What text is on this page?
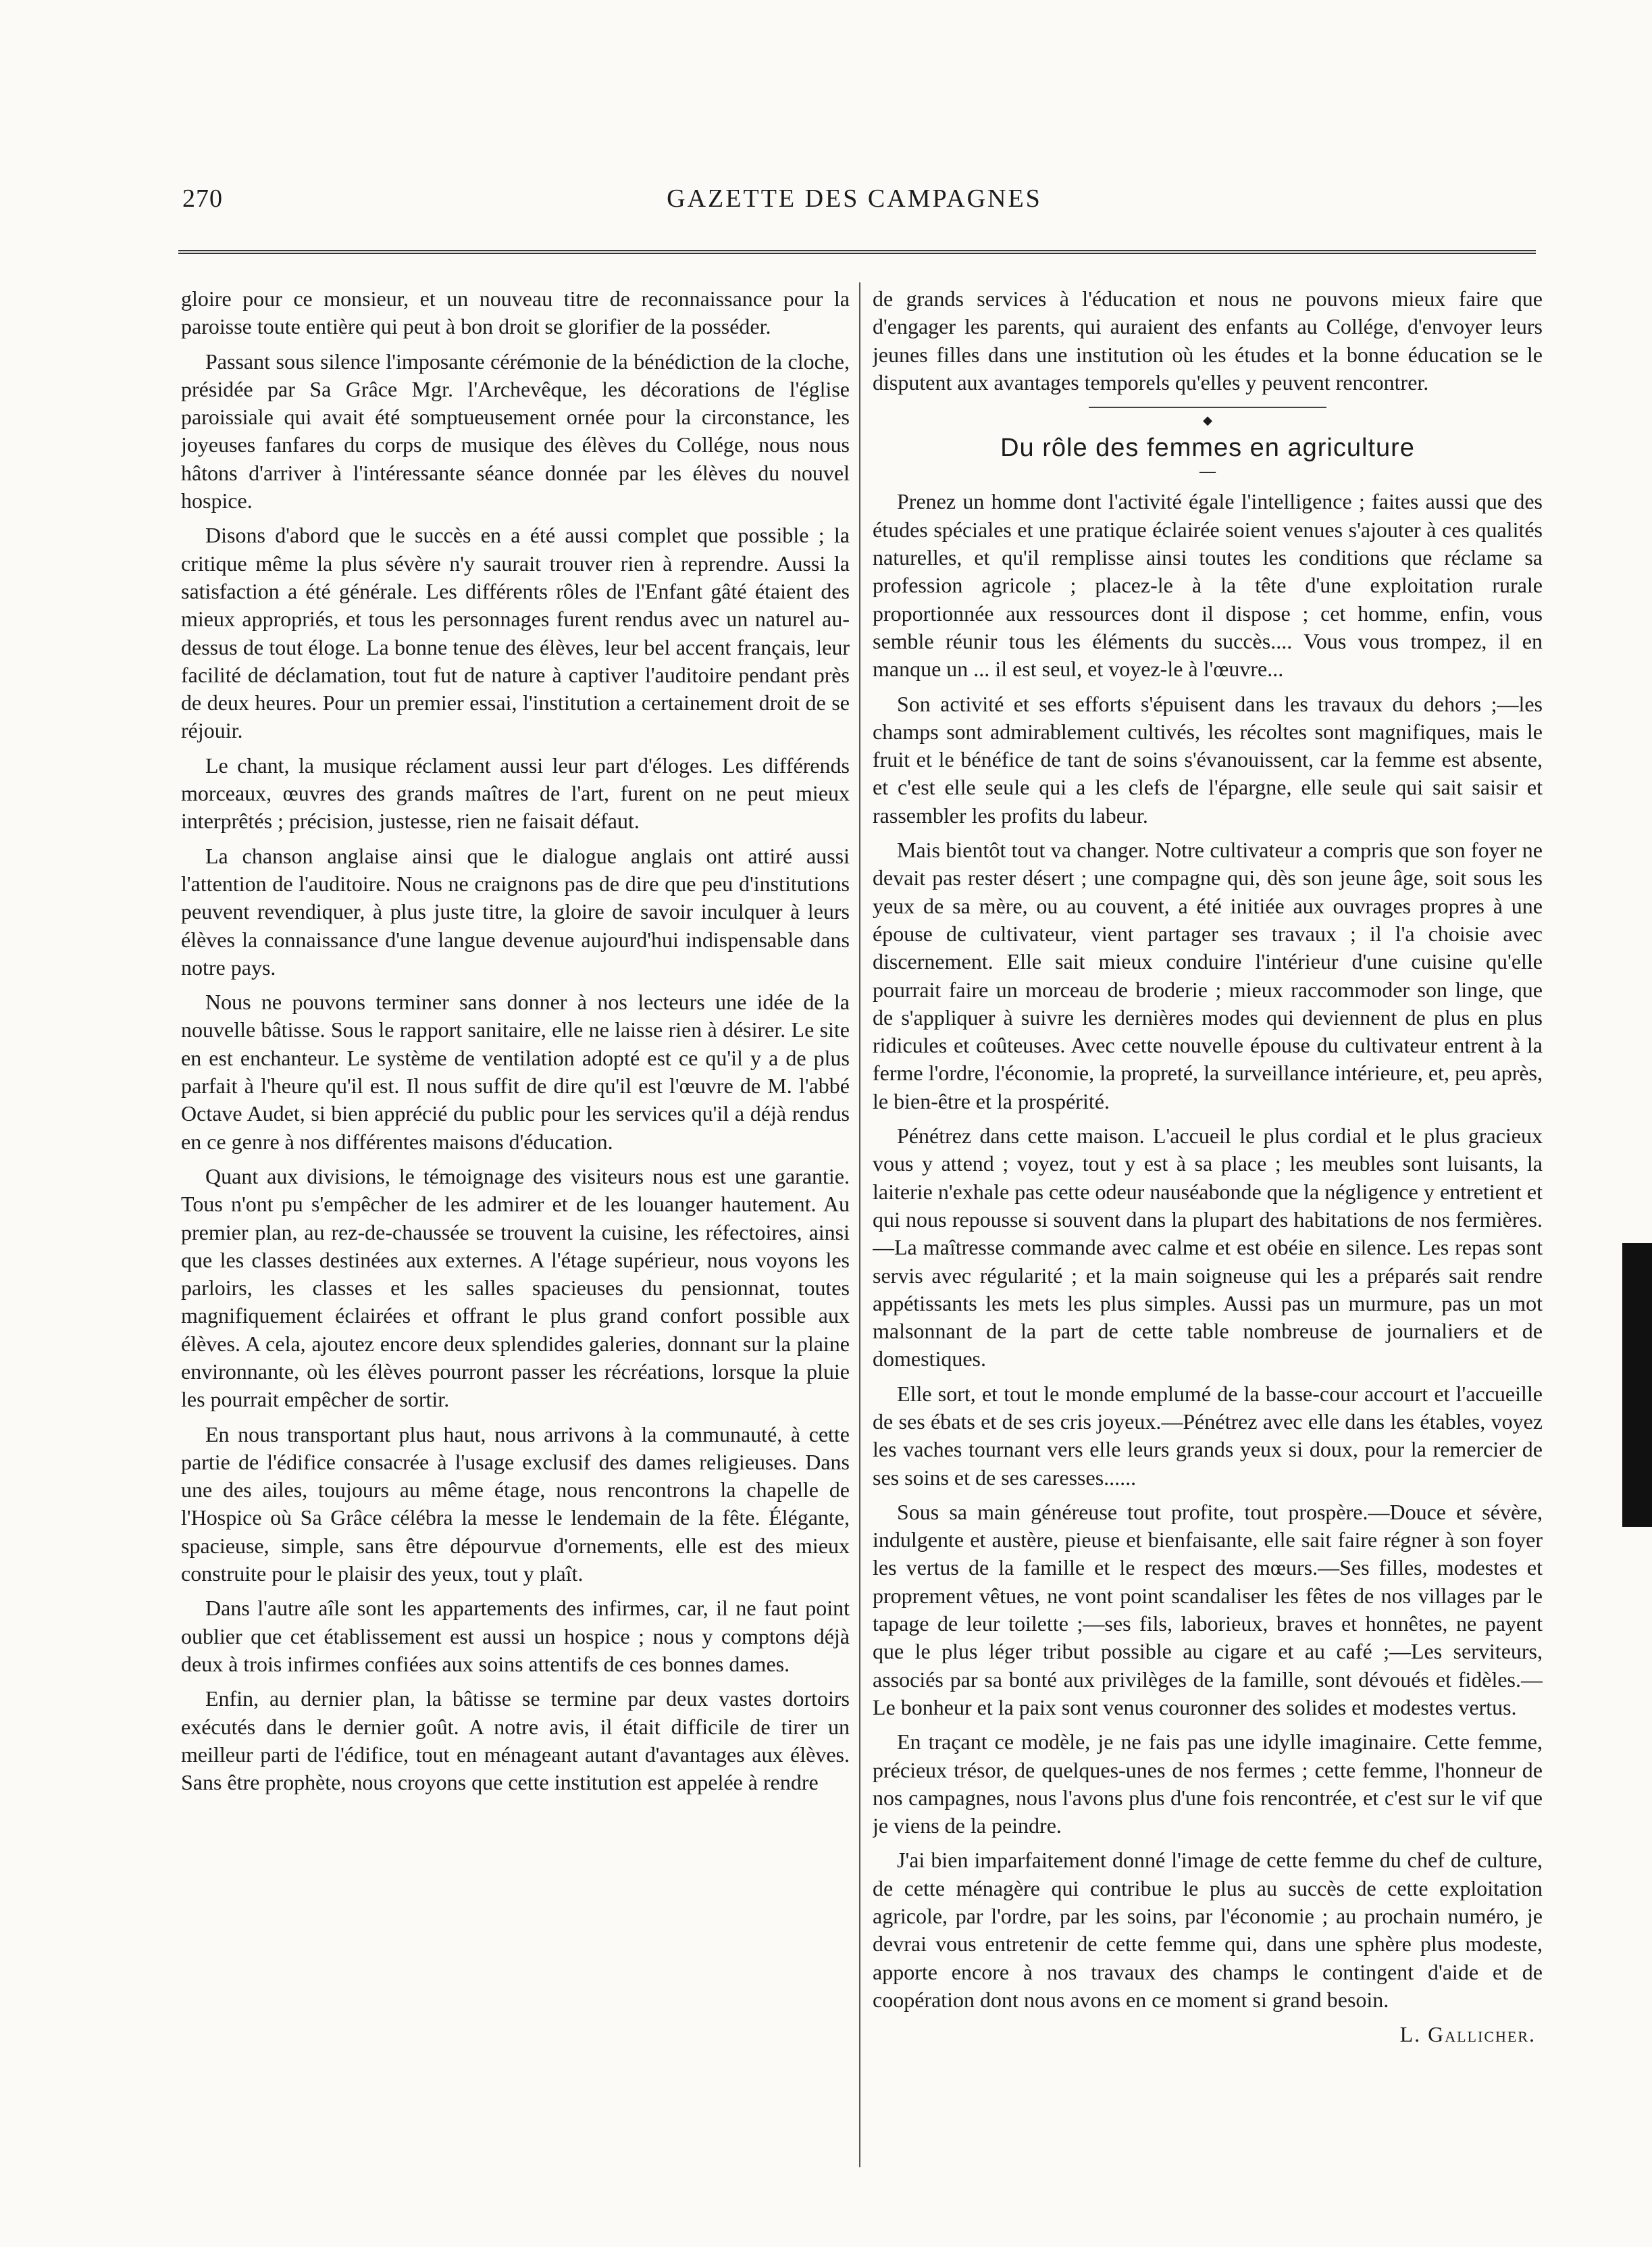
270	GAZETTE DES CAMPAGNES

gloire pour ce monsieur, et un nouveau titre de reconnaissance pour la paroisse toute entière qui peut à bon droit se glorifier de la posséder.

Passant sous silence l'imposante cérémonie de la bénédiction de la cloche, présidée par Sa Grâce Mgr. l'Archevêque, les décorations de l'église paroissiale qui avait été somptueusement ornée pour la circonstance, les joyeuses fanfares du corps de musique des élèves du Collége, nous nous hâtons d'arriver à l'intéressante séance donnée par les élèves du nouvel hospice.

Disons d'abord que le succès en a été aussi complet que possible ; la critique même la plus sévère n'y saurait trouver rien à reprendre. Aussi la satisfaction a été générale. Les différents rôles de l'Enfant gâté étaient des mieux appropriés, et tous les personnages furent rendus avec un naturel au-dessus de tout éloge. La bonne tenue des élèves, leur bel accent français, leur facilité de déclamation, tout fut de nature à captiver l'auditoire pendant près de deux heures. Pour un premier essai, l'institution a certainement droit de se réjouir.

Le chant, la musique réclament aussi leur part d'éloges. Les différends morceaux, œuvres des grands maîtres de l'art, furent on ne peut mieux interprêtés ; précision, justesse, rien ne faisait défaut.

La chanson anglaise ainsi que le dialogue anglais ont attiré aussi l'attention de l'auditoire. Nous ne craignons pas de dire que peu d'institutions peuvent revendiquer, à plus juste titre, la gloire de savoir inculquer à leurs élèves la connaissance d'une langue devenue aujourd'hui indispensable dans notre pays.

Nous ne pouvons terminer sans donner à nos lecteurs une idée de la nouvelle bâtisse. Sous le rapport sanitaire, elle ne laisse rien à désirer. Le site en est enchanteur. Le système de ventilation adopté est ce qu'il y a de plus parfait à l'heure qu'il est. Il nous suffit de dire qu'il est l'œuvre de M. l'abbé Octave Audet, si bien apprécié du public pour les services qu'il a déjà rendus en ce genre à nos différentes maisons d'éducation.

Quant aux divisions, le témoignage des visiteurs nous est une garantie. Tous n'ont pu s'empêcher de les admirer et de les louanger hautement. Au premier plan, au rez-de-chaussée se trouvent la cuisine, les réfectoires, ainsi que les classes destinées aux externes. A l'étage supérieur, nous voyons les parloirs, les classes et les salles spacieuses du pensionnat, toutes magnifiquement éclairées et offrant le plus grand confort possible aux élèves. A cela, ajoutez encore deux splendides galeries, donnant sur la plaine environnante, où les élèves pourront passer les récréations, lorsque la pluie les pourrait empêcher de sortir.

En nous transportant plus haut, nous arrivons à la communauté, à cette partie de l'édifice consacrée à l'usage exclusif des dames religieuses. Dans une des ailes, toujours au même étage, nous rencontrons la chapelle de l'Hospice où Sa Grâce célébra la messe le lendemain de la fête. Élégante, spacieuse, simple, sans être dépourvue d'ornements, elle est des mieux construite pour le plaisir des yeux, tout y plaît.

Dans l'autre aîle sont les appartements des infirmes, car, il ne faut point oublier que cet établissement est aussi un hospice ; nous y comptons déjà deux à trois infirmes confiées aux soins attentifs de ces bonnes dames.

Enfin, au dernier plan, la bâtisse se termine par deux vastes dortoirs exécutés dans le dernier goût. A notre avis, il était difficile de tirer un meilleur parti de l'édifice, tout en ménageant autant d'avantages aux élèves. Sans être prophète, nous croyons que cette institution est appelée à rendre

de grands services à l'éducation et nous ne pouvons mieux faire que d'engager les parents, qui auraient des enfants au Collége, d'envoyer leurs jeunes filles dans une institution où les études et la bonne éducation se le disputent aux avantages temporels qu'elles y peuvent rencontrer.

◆
Du rôle des femmes en agriculture
—

Prenez un homme dont l'activité égale l'intelligence ; faites aussi que des études spéciales et une pratique éclairée soient venues s'ajouter à ces qualités naturelles, et qu'il remplisse ainsi toutes les conditions que réclame sa profession agricole ; placez-le à la tête d'une exploitation rurale proportionnée aux ressources dont il dispose ; cet homme, enfin, vous semble réunir tous les éléments du succès.... Vous vous trompez, il en manque un ... il est seul, et voyez-le à l'œuvre...

Son activité et ses efforts s'épuisent dans les travaux du dehors ;—les champs sont admirablement cultivés, les récoltes sont magnifiques, mais le fruit et le bénéfice de tant de soins s'évanouissent, car la femme est absente, et c'est elle seule qui a les clefs de l'épargne, elle seule qui sait saisir et rassembler les profits du labeur.

Mais bientôt tout va changer. Notre cultivateur a compris que son foyer ne devait pas rester désert ; une compagne qui, dès son jeune âge, soit sous les yeux de sa mère, ou au couvent, a été initiée aux ouvrages propres à une épouse de cultivateur, vient partager ses travaux ; il l'a choisie avec discernement. Elle sait mieux conduire l'intérieur d'une cuisine qu'elle pourrait faire un morceau de broderie ; mieux raccommoder son linge, que de s'appliquer à suivre les dernières modes qui deviennent de plus en plus ridicules et coûteuses. Avec cette nouvelle épouse du cultivateur entrent à la ferme l'ordre, l'économie, la propreté, la surveillance intérieure, et, peu après, le bien-être et la prospérité.

Pénétrez dans cette maison. L'accueil le plus cordial et le plus gracieux vous y attend ; voyez, tout y est à sa place ; les meubles sont luisants, la laiterie n'exhale pas cette odeur nauséabonde que la négligence y entretient et qui nous repousse si souvent dans la plupart des habitations de nos fermières.—La maîtresse commande avec calme et est obéie en silence. Les repas sont servis avec régularité ; et la main soigneuse qui les a préparés sait rendre appétissants les mets les plus simples. Aussi pas un murmure, pas un mot malsonnant de la part de cette table nombreuse de journaliers et de domestiques.

Elle sort, et tout le monde emplumé de la basse-cour accourt et l'accueille de ses ébats et de ses cris joyeux.—Pénétrez avec elle dans les étables, voyez les vaches tournant vers elle leurs grands yeux si doux, pour la remercier de ses soins et de ses caresses......

Sous sa main généreuse tout profite, tout prospère.—Douce et sévère, indulgente et austère, pieuse et bienfaisante, elle sait faire régner à son foyer les vertus de la famille et le respect des mœurs.—Ses filles, modestes et proprement vêtues, ne vont point scandaliser les fêtes de nos villages par le tapage de leur toilette ;—ses fils, laborieux, braves et honnêtes, ne payent que le plus léger tribut possible au cigare et au café ;—Les serviteurs, associés par sa bonté aux privilèges de la famille, sont dévoués et fidèles.—Le bonheur et la paix sont venus couronner des solides et modestes vertus.

En traçant ce modèle, je ne fais pas une idylle imaginaire. Cette femme, précieux trésor, de quelques-unes de nos fermes ; cette femme, l'honneur de nos campagnes, nous l'avons plus d'une fois rencontrée, et c'est sur le vif que je viens de la peindre.

J'ai bien imparfaitement donné l'image de cette femme du chef de culture, de cette ménagère qui contribue le plus au succès de cette exploitation agricole, par l'ordre, par les soins, par l'économie ; au prochain numéro, je devrai vous entretenir de cette femme qui, dans une sphère plus modeste, apporte encore à nos travaux des champs le contingent d'aide et de coopération dont nous avons en ce moment si grand besoin.

L. Gallicher.
